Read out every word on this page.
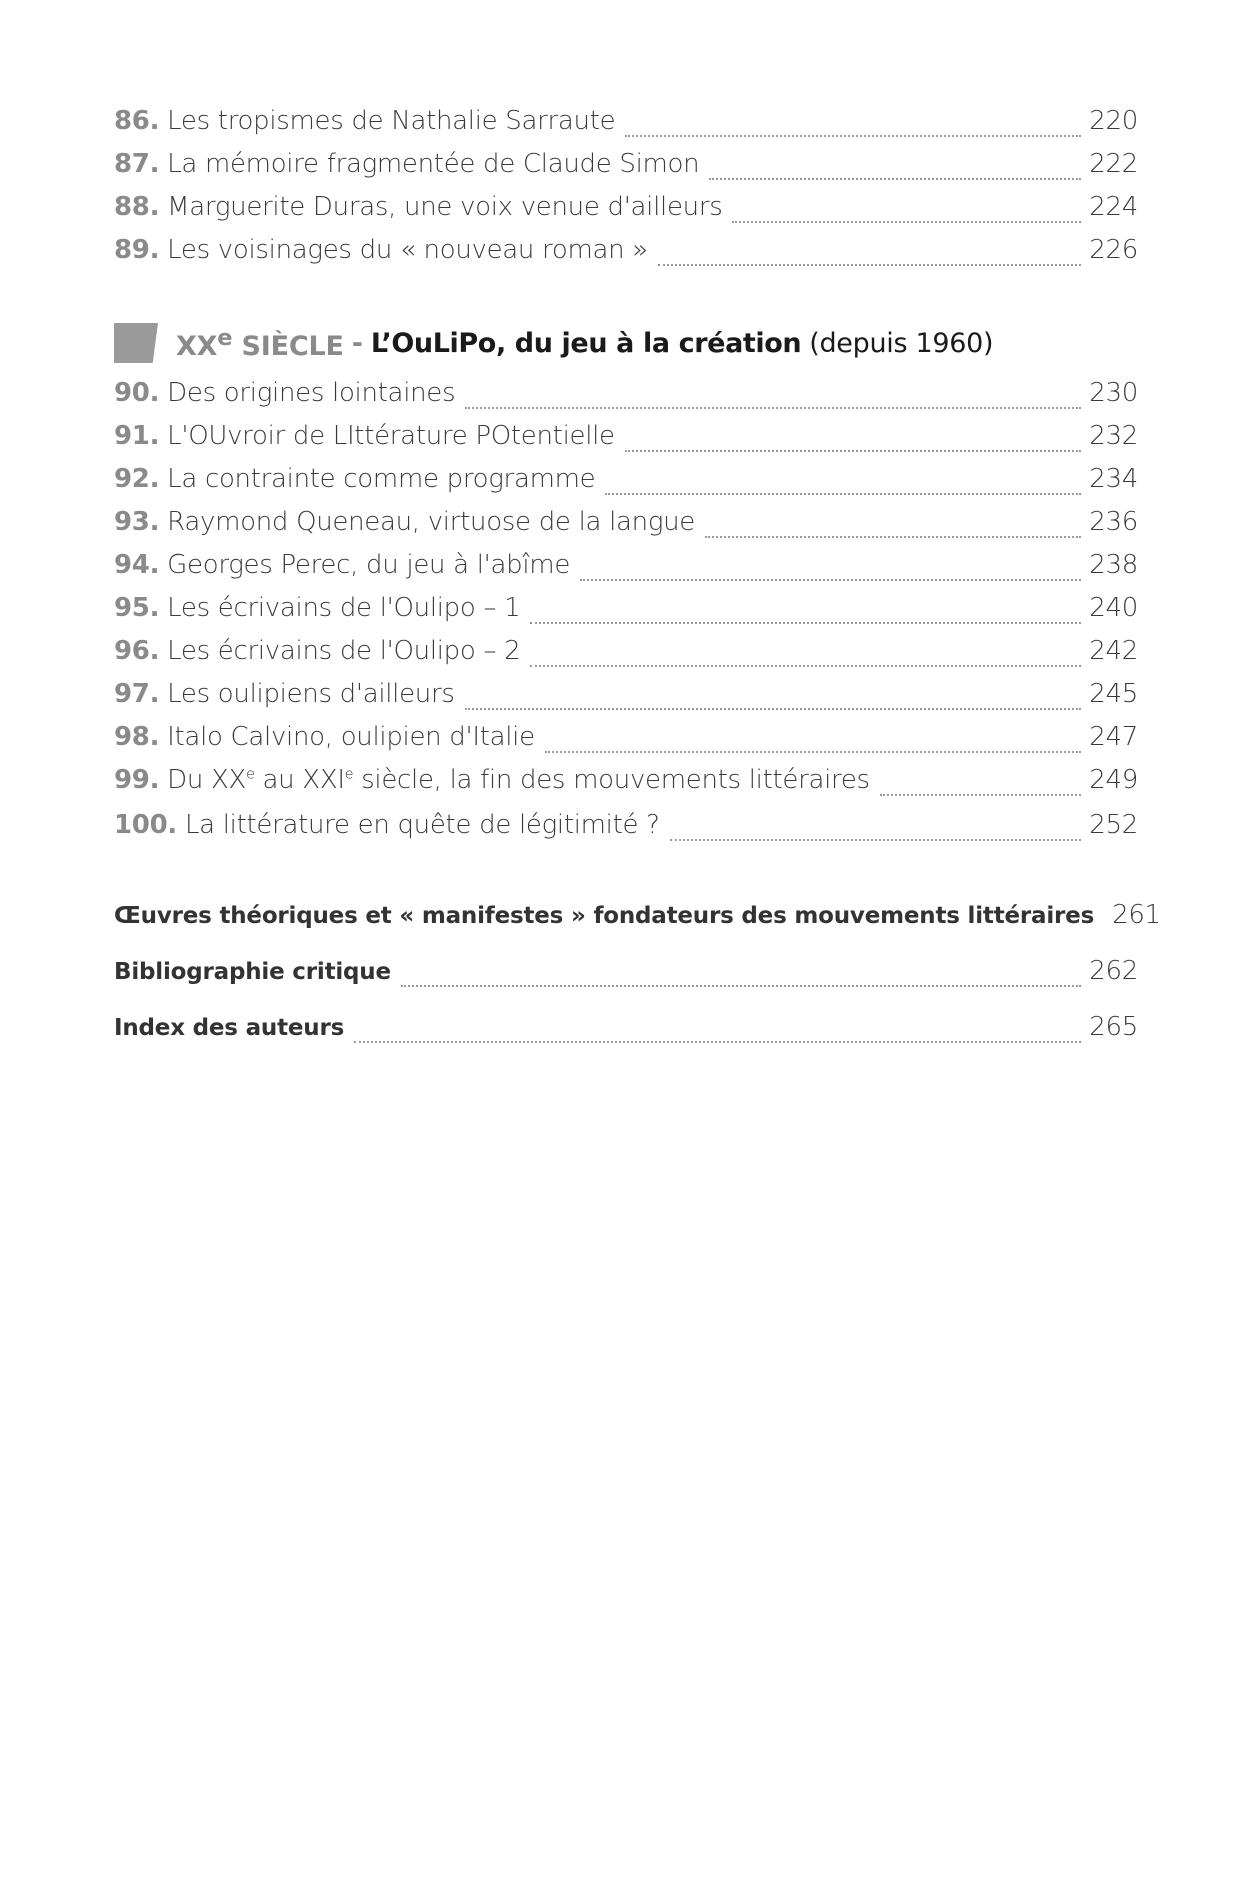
86. Les tropismes de Nathalie Sarraute	220
87. La mémoire fragmentée de Claude Simon	222
88. Marguerite Duras, une voix venue d'ailleurs	224
89. Les voisinages du « nouveau roman »	226
XXe SIÈCLE - L’OuLiPo, du jeu à la création (depuis 1960)
90. Des origines lointaines	230
91. L'OUvroir de LIttérature POtentielle	232
92. La contrainte comme programme	234
93. Raymond Queneau, virtuose de la langue	236
94. Georges Perec, du jeu à l'abîme	238
95. Les écrivains de l'Oulipo – 1	240
96. Les écrivains de l'Oulipo – 2	242
97. Les oulipiens d'ailleurs	245
98. Italo Calvino, oulipien d'Italie	247
99. Du XXe au XXIe siècle, la fin des mouvements littéraires	249
100. La littérature en quête de légitimité ?	252
Œuvres théoriques et « manifestes » fondateurs des mouvements littéraires 261
Bibliographie critique	262
Index des auteurs	265
